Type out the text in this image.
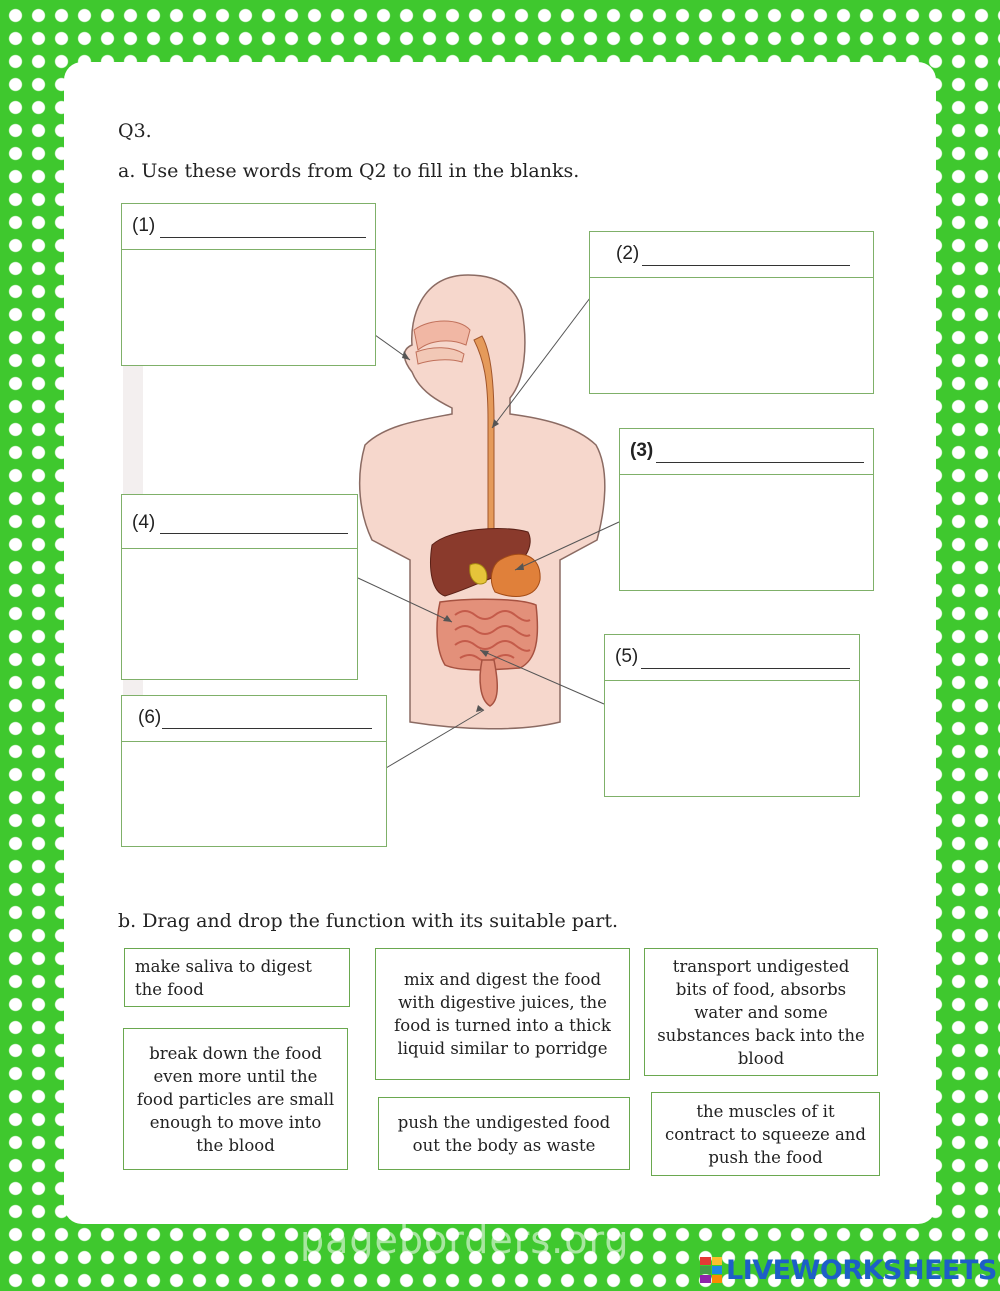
Q3.

a. Use these words from Q2 to fill in the blanks.

(1)
(2)
(3)
(4)
(5)
(6)

b. Drag and drop the function with its suitable part.

make saliva to digest the food
mix and digest the food with digestive juices, the food is turned into a thick liquid similar to porridge
transport undigested bits of food, absorbs water and some substances back into the blood
break down the food even more until the food particles are small enough to move into the blood
push the undigested food out the body as waste
the muscles of it contract to squeeze and push the food
pageborders.org
LIVEWORKSHEETS
